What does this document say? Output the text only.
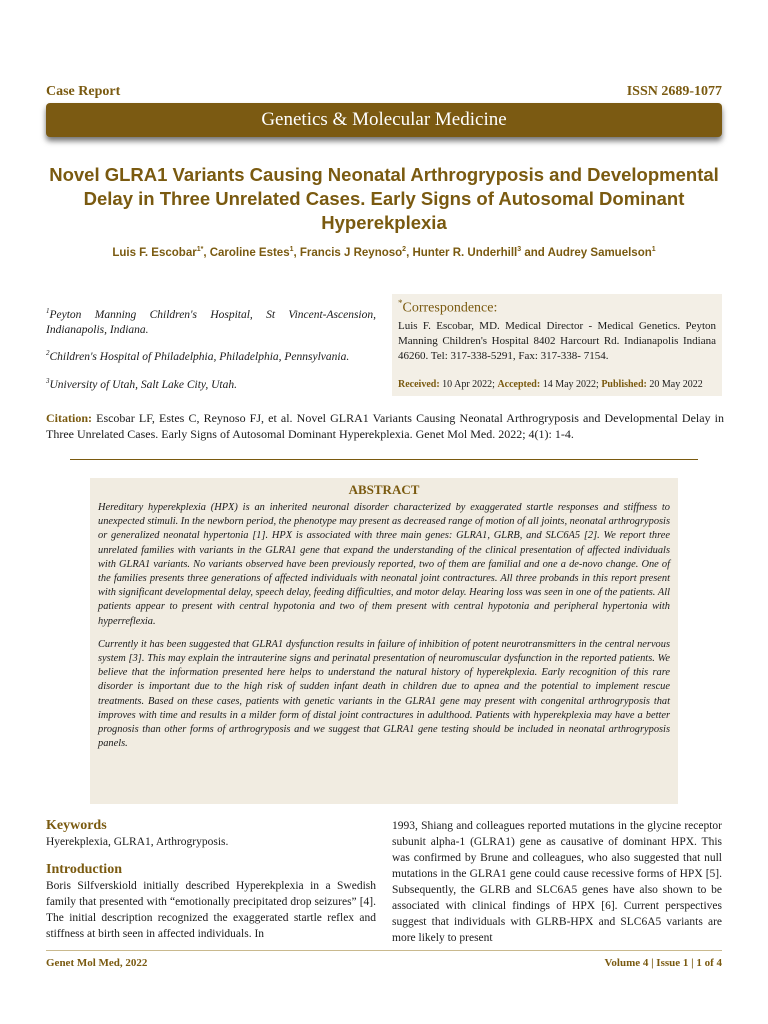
Case Report	ISSN 2689-1077
Genetics & Molecular Medicine
Novel GLRA1 Variants Causing Neonatal Arthrogryposis and Developmental Delay in Three Unrelated Cases. Early Signs of Autosomal Dominant Hyperekplexia
Luis F. Escobar$^{1*}$, Caroline Estes$^1$, Francis J Reynoso$^2$, Hunter R. Underhill$^3$ and Audrey Samuelson$^1$
$^1$Peyton Manning Children's Hospital, St Vincent-Ascension, Indianapolis, Indiana.
$^2$Children's Hospital of Philadelphia, Philadelphia, Pennsylvania.
$^3$University of Utah, Salt Lake City, Utah.
*Correspondence:
Luis F. Escobar, MD. Medical Director - Medical Genetics. Peyton Manning Children's Hospital 8402 Harcourt Rd. Indianapolis Indiana 46260. Tel: 317-338-5291, Fax: 317-338- 7154.
Received: 10 Apr 2022; Accepted: 14 May 2022; Published: 20 May 2022
Citation: Escobar LF, Estes C, Reynoso FJ, et al. Novel GLRA1 Variants Causing Neonatal Arthrogryposis and Developmental Delay in Three Unrelated Cases. Early Signs of Autosomal Dominant Hyperekplexia. Genet Mol Med. 2022; 4(1): 1-4.
ABSTRACT

Hereditary hyperekplexia (HPX) is an inherited neuronal disorder characterized by exaggerated startle responses and stiffness to unexpected stimuli. In the newborn period, the phenotype may present as decreased range of motion of all joints, neonatal arthrogryposis or generalized neonatal hypertonia [1]. HPX is associated with three main genes: GLRA1, GLRB, and SLC6A5 [2]. We report three unrelated families with variants in the GLRA1 gene that expand the understanding of the clinical presentation of affected individuals with GLRA1 variants. No variants observed have been previously reported, two of them are familial and one a de-novo change. One of the families presents three generations of affected individuals with neonatal joint contractures. All three probands in this report present with significant developmental delay, speech delay, feeding difficulties, and motor delay. Hearing loss was seen in one of the patients. All patients appear to present with central hypotonia and two of them present with central hypotonia and peripheral hypertonia with hyperreflexia.

Currently it has been suggested that GLRA1 dysfunction results in failure of inhibition of potent neurotransmitters in the central nervous system [3]. This may explain the intrauterine signs and perinatal presentation of neuromuscular dysfunction in the reported patients. We believe that the information presented here helps to understand the natural history of hyperekplexia. Early recognition of this rare disorder is important due to the high risk of sudden infant death in children due to apnea and the potential to implement rescue treatments. Based on these cases, patients with genetic variants in the GLRA1 gene may present with congenital arthrogryposis that improves with time and results in a milder form of distal joint contractures in adulthood. Patients with hyperekplexia may have a better prognosis than other forms of arthrogryposis and we suggest that GLRA1 gene testing should be included in neonatal arthrogryposis panels.

Keywords

Hyerekplexia, GLRA1, Arthrogryposis.

Introduction

Boris Silfverskiold initially described Hyperekplexia in a Swedish family that presented with “emotionally precipitated drop seizures” [4]. The initial description recognized the exaggerated startle reflex and stiffness at birth seen in affected individuals. In

1993, Shiang and colleagues reported mutations in the glycine receptor subunit alpha-1 (GLRA1) gene as causative of dominant HPX. This was confirmed by Brune and colleagues, who also suggested that null mutations in the GLRA1 gene could cause recessive forms of HPX [5]. Subsequently, the GLRB and SLC6A5 genes have also shown to be associated with clinical findings of HPX [6]. Current perspectives suggest that individuals with GLRB-HPX and SLC6A5 variants are more likely to present

Genet Mol Med, 2022	Volume 4 | Issue 1 | 1 of 4
